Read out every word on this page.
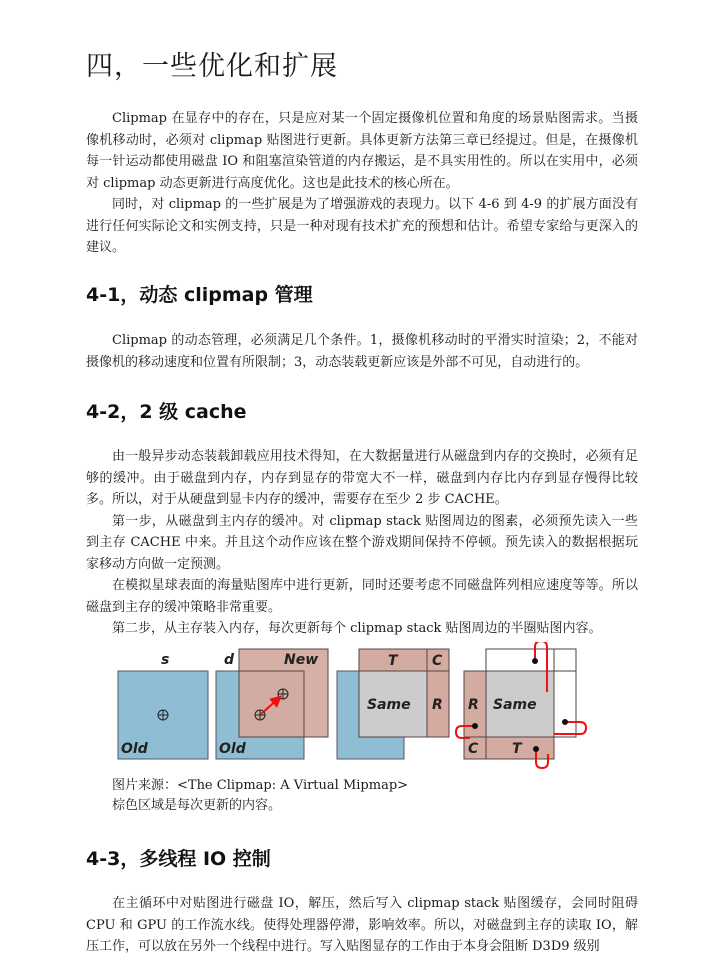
四，一些优化和扩展

Clipmap 在显存中的存在，只是应对某一个固定摄像机位置和角度的场景贴图需求。当摄像机移动时，必须对 clipmap 贴图进行更新。具体更新方法第三章已经提过。但是，在摄像机每一针运动都使用磁盘 IO 和阻塞渲染管道的内存搬运，是不具实用性的。所以在实用中，必须对 clipmap 动态更新进行高度优化。这也是此技术的核心所在。

同时，对 clipmap 的一些扩展是为了增强游戏的表现力。以下 4-6 到 4-9 的扩展方面没有进行任何实际论文和实例支持，只是一种对现有技术扩充的预想和估计。希望专家给与更深入的建议。

4-1，动态 clipmap 管理

Clipmap 的动态管理，必须满足几个条件。1，摄像机移动时的平滑实时渲染；2，不能对摄像机的移动速度和位置有所限制；3，动态装载更新应该是外部不可见，自动进行的。

4-2，2 级 cache

由一般异步动态装载卸载应用技术得知，在大数据量进行从磁盘到内存的交换时，必须有足够的缓冲。由于磁盘到内存，内存到显存的带宽大不一样，磁盘到内存比内存到显存慢得比较多。所以，对于从硬盘到显卡内存的缓冲，需要存在至少 2 步 CACHE。

第一步，从磁盘到主内存的缓冲。对 clipmap stack 贴图周边的图素，必须预先读入一些到主存 CACHE 中来。并且这个动作应该在整个游戏期间保持不停顿。预先读入的数据根据玩家移动方向做一定预测。

在模拟星球表面的海量贴图库中进行更新，同时还要考虑不同磁盘阵列相应速度等等。所以磁盘到主存的缓冲策略非常重要。

第二步，从主存装入内存，每次更新每个 clipmap stack 贴图周边的半圈贴图内容。

s
Old
d	New
Old
T C
R
Same	R Same
C T
图片来源：<The Clipmap: A Virtual Mipmap>
棕色区域是每次更新的内容。
4-3，多线程 IO 控制

在主循环中对贴图进行磁盘 IO，解压，然后写入 clipmap stack 贴图缓存，会同时阻碍 CPU 和 GPU 的工作流水线。使得处理器停滞，影响效率。所以，对磁盘到主存的读取 IO，解压工作，可以放在另外一个线程中进行。写入贴图显存的工作由于本身会阻断 D3D9 级别
